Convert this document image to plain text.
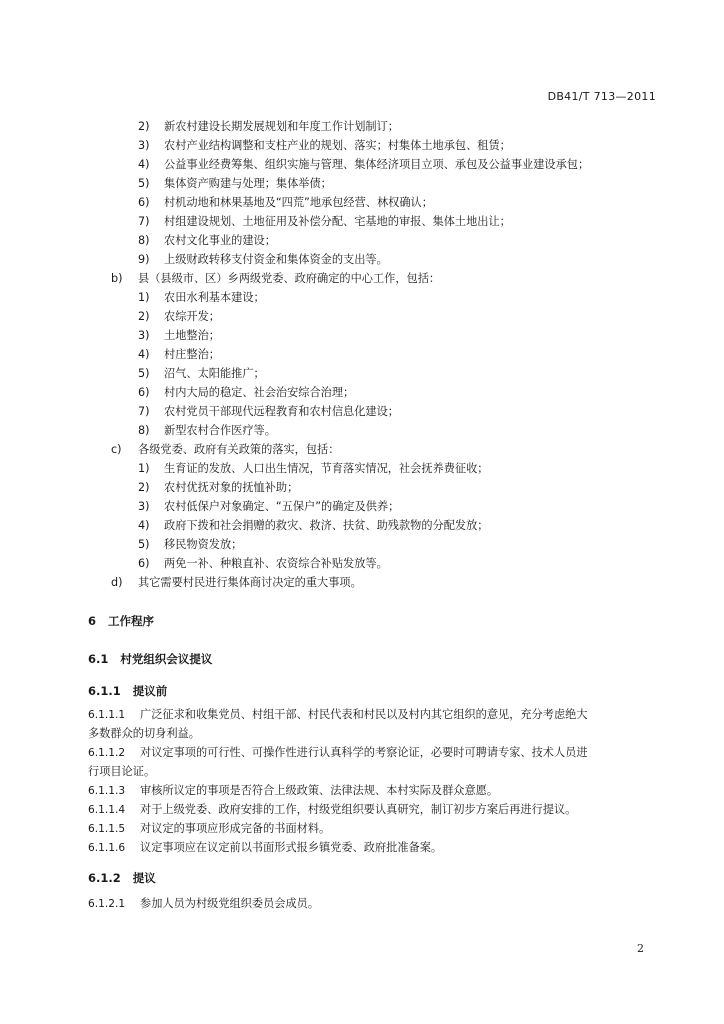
DB41/T 713—2011
2) 新农村建设长期发展规划和年度工作计划制订；
3) 农村产业结构调整和支柱产业的规划、落实；村集体土地承包、租赁；
4) 公益事业经费筹集、组织实施与管理、集体经济项目立项、承包及公益事业建设承包；
5) 集体资产购建与处理；集体举债；
6) 村机动地和林果基地及“四荒”地承包经营、林权确认；
7) 村组建设规划、土地征用及补偿分配、宅基地的审报、集体土地出让；
8) 农村文化事业的建设；
9) 上级财政转移支付资金和集体资金的支出等。
b) 县（县级市、区）乡两级党委、政府确定的中心工作，包括：
1) 农田水利基本建设；
2) 农综开发；
3) 土地整治；
4) 村庄整治；
5) 沼气、太阳能推广；
6) 村内大局的稳定、社会治安综合治理；
7) 农村党员干部现代远程教育和农村信息化建设；
8) 新型农村合作医疗等。
c) 各级党委、政府有关政策的落实，包括：
1) 生育证的发放、人口出生情况，节育落实情况，社会抚养费征收；
2) 农村优抚对象的抚恤补助；
3) 农村低保户对象确定、“五保户”的确定及供养；
4) 政府下拨和社会捐赠的救灾、救济、扶贫、助残款物的分配发放；
5) 移民物资发放；
6) 两免一补、种粮直补、农资综合补贴发放等。
d) 其它需要村民进行集体商讨决定的重大事项。
6 工作程序
6.1 村党组织会议提议
6.1.1 提议前
6.1.1.1 广泛征求和收集党员、村组干部、村民代表和村民以及村内其它组织的意见，充分考虑绝大
多数群众的切身利益。
6.1.1.2 对议定事项的可行性、可操作性进行认真科学的考察论证，必要时可聘请专家、技术人员进
行项目论证。
6.1.1.3 审核所议定的事项是否符合上级政策、法律法规、本村实际及群众意愿。
6.1.1.4 对于上级党委、政府安排的工作，村级党组织要认真研究，制订初步方案后再进行提议。
6.1.1.5 对议定的事项应形成完备的书面材料。
6.1.1.6 议定事项应在议定前以书面形式报乡镇党委、政府批准备案。
6.1.2 提议
6.1.2.1 参加人员为村级党组织委员会成员。
2
